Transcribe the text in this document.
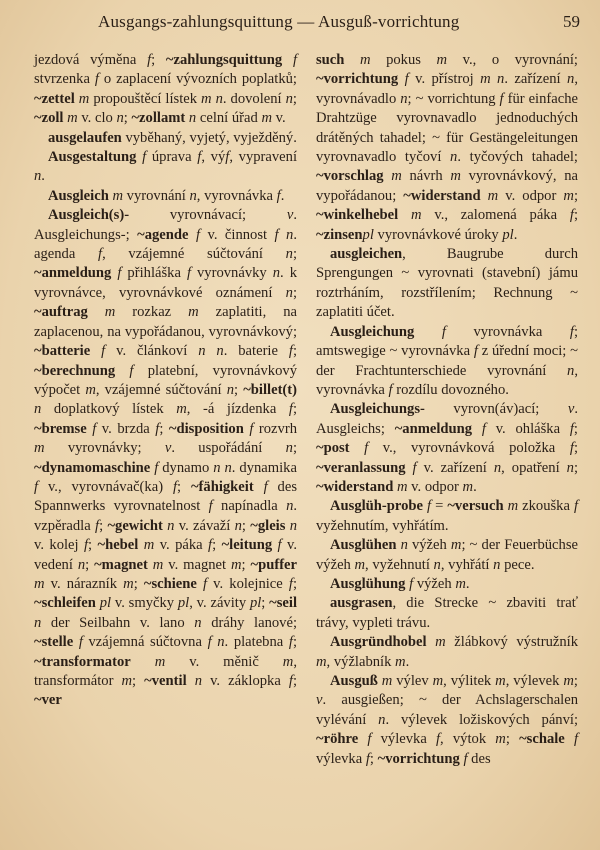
Ausgangs-zahlungsquittung — Ausguß-vorrichtung	59

jezdová výměna f; ~zahlungsquittung f stvrzenka f o zaplacení vývozních poplatků; ~zettel m propouštěcí lístek m n. dovolení n; ~zoll m v. clo n; ~zollamt n celní úřad m v.

ausgelaufen vyběhaný, vyjetý, vyježděný.

Ausgestaltung f úprava f, výf, vypravení n.

Ausgleich m vyrovnání n, vyrovnávka f.

Ausgleich(s)- vyrovnávací; v. Ausgleichungs-; ~agende f v. činnost f n. agenda f, vzájemné súčtování n; ~anmeldung f přihláška f vyrovnávky n. k vyrovnávce, vyrovnávkové oznámení n; ~auftrag m rozkaz m zaplatiti, na zaplacenou, na vypořádanou, vyrovnávkový; ~batterie f v. článkoví n n. baterie f; ~berechnung f platební, vyrovnávkový výpočet m, vzájemné súčtování n; ~billet(t) n doplatkový lístek m, -á jízdenka f; ~bremse f v. brzda f; ~disposition f rozvrh m vyrovnávky; v. uspořádání n; ~dynamomaschine f dynamo n n. dynamika f v., vyrovnávač(ka) f; ~fähigkeit f des Spannwerks vyrovnatelnost f napínadla n. vzpěradla f; ~gewicht n v. závaží n; ~gleis n v. kolej f; ~hebel m v. páka f; ~leitung f v. vedení n; ~magnet m v. magnet m; ~puffer m v. nárazník m; ~schiene f v. kolejnice f; ~schleifen pl v. smyčky pl, v. závity pl; ~seil n der Seilbahn v. lano n dráhy lanové; ~stelle f vzájemná súčtovna f n. platebna f; ~transformator m v. měnič m, transformátor m; ~ventil n v. záklopka f; ~ver

such m pokus m v., o vyrovnání; ~vorrichtung f v. přístroj m n. zařízení n, vyrovnávadlo n; ~ vorrichtung f für einfache Drahtzüge vyrovnavadlo jednoduchých drátěných tahadel; ~ für Gestängeleitungen vyrovnavadlo tyčoví n. tyčových tahadel; ~vorschlag m návrh m vyrovnávkový, na vypořádanou; ~widerstand m v. odpor m; ~winkelhebel m v., zalomená páka f; ~zinsenpl vyrovnávkové úroky pl.

ausgleichen, Baugrube durch Sprengungen ~ vyrovnati (stavební) jámu roztrháním, rozstřílením; Rechnung ~ zaplatiti účet.

Ausgleichung f vyrovnávka f; amtswegige ~ vyrovnávka f z úřední moci; ~ der Frachtunterschiede vyrovnání n, vyrovnávka f rozdílu dovozného.

Ausgleichungs- vyrovn(áv)ací; v. Ausgleichs; ~anmeldung f v. ohláška f; ~post f v., vyrovnávková položka f; ~veranlassung f v. zařízení n, opatření n; ~widerstand m v. odpor m.

Ausglüh-probe f = ~versuch m zkouška f vyžehnutím, vyhřátím.

Ausglühen n výžeh m; ~ der Feuerbüchse výžeh m, vyžehnutí n, vyhřátí n pece.

Ausglühung f výžeh m.

ausgrasen, die Strecke ~ zbaviti trať trávy, vypleti trávu.

Ausgründhobel m žlábkový výstružník m, výžlabník m.

Ausguß m výlev m, výlitek m, výlevek m; v. ausgießen; ~ der Achslagerschalen vylévání n. výlevek ložiskových pánví; ~röhre f výlevka f, výtok m; ~schale f výlevka f; ~vorrichtung f des
